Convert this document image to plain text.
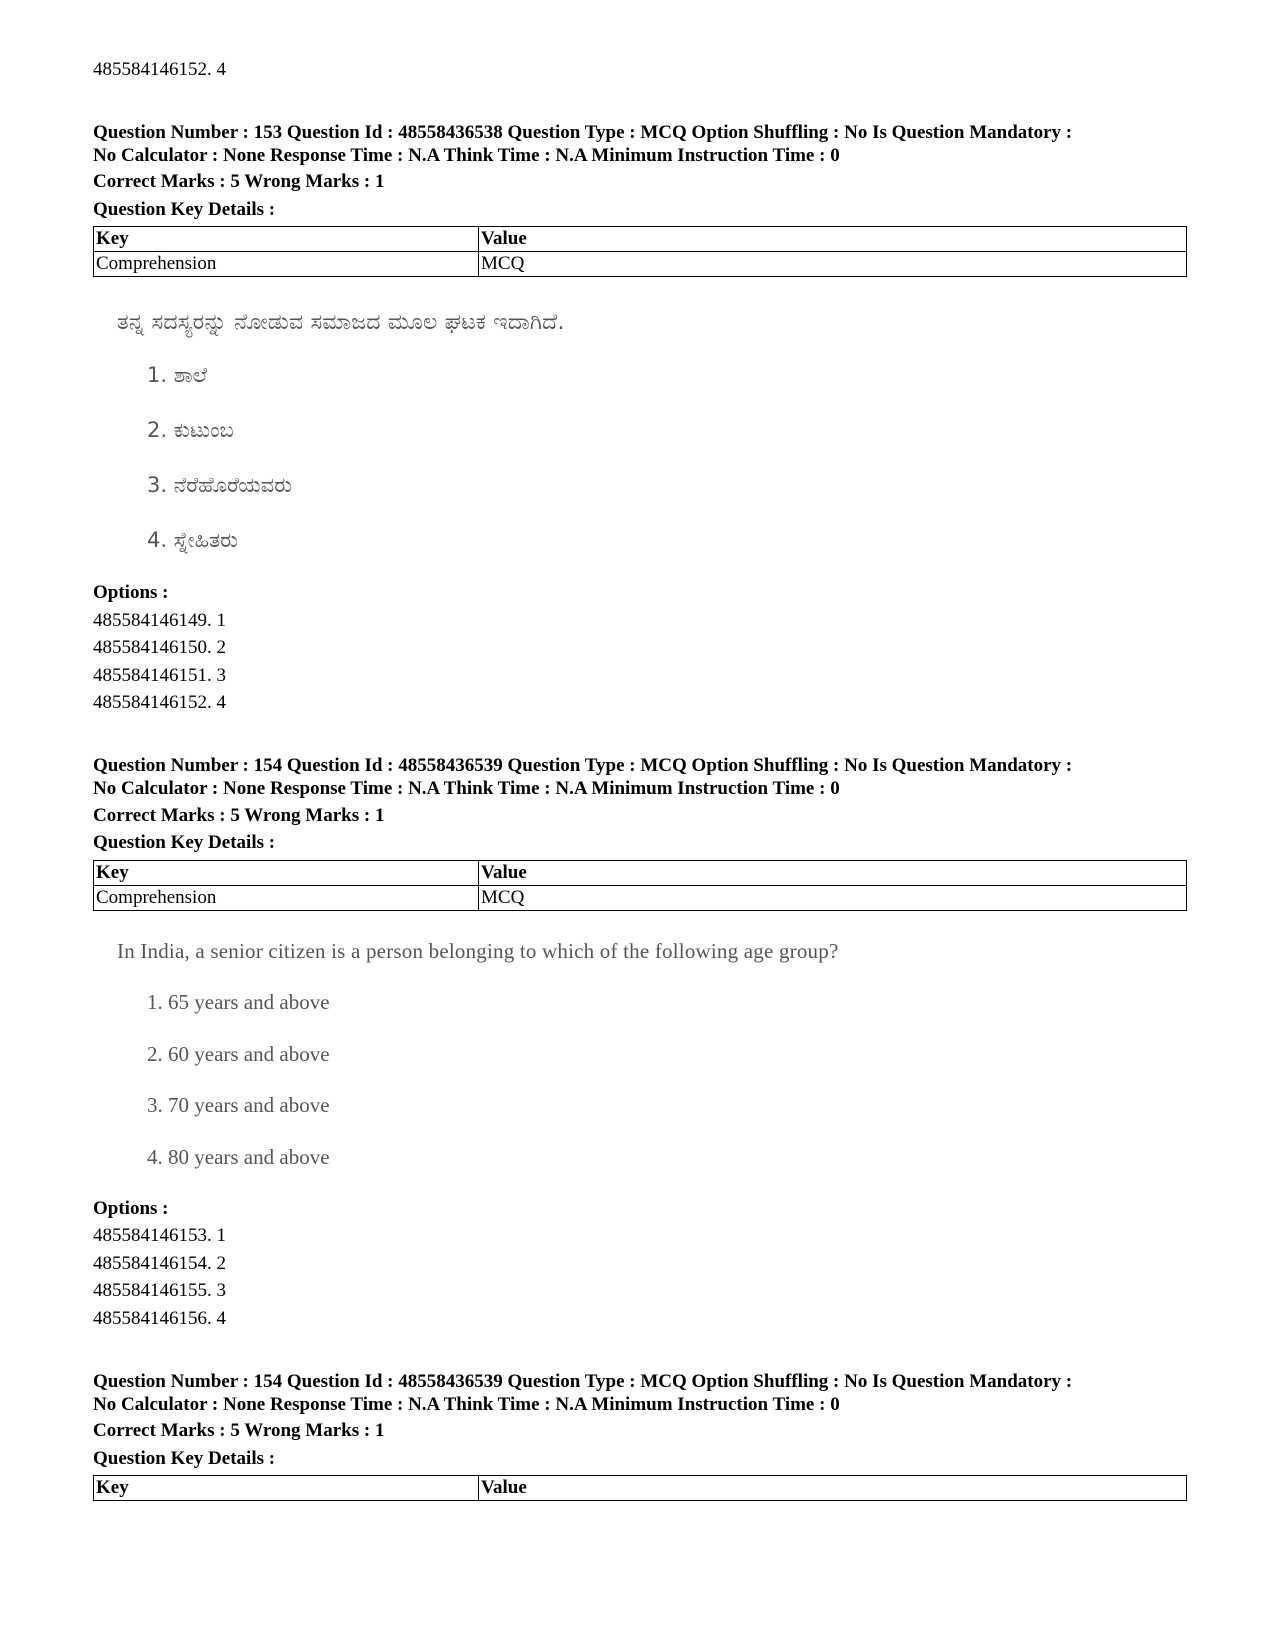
485584146152. 4
Question Number : 153 Question Id : 48558436538 Question Type : MCQ Option Shuffling : No Is Question Mandatory :
No Calculator : None Response Time : N.A Think Time : N.A Minimum Instruction Time : 0
Correct Marks : 5 Wrong Marks : 1
Question Key Details :
Key	Value
Comprehension	MCQ
ತನ್ನ ಸದಸ್ಯರನ್ನು ನೋಡುವ ಸಮಾಜದ ಮೂಲ ಘಟಕ ಇದಾಗಿದೆ.
1. ಶಾಲೆ
2. ಕುಟುಂಬ
3. ನೆರೆಹೊರೆಯವರು
4. ಸ್ನೇಹಿತರು
Options :
485584146149. 1
485584146150. 2
485584146151. 3
485584146152. 4
Question Number : 154 Question Id : 48558436539 Question Type : MCQ Option Shuffling : No Is Question Mandatory :
No Calculator : None Response Time : N.A Think Time : N.A Minimum Instruction Time : 0
Correct Marks : 5 Wrong Marks : 1
Question Key Details :
Key	Value
Comprehension	MCQ
In India, a senior citizen is a person belonging to which of the following age group?
1. 65 years and above
2. 60 years and above
3. 70 years and above
4. 80 years and above
Options :
485584146153. 1
485584146154. 2
485584146155. 3
485584146156. 4
Question Number : 154 Question Id : 48558436539 Question Type : MCQ Option Shuffling : No Is Question Mandatory :
No Calculator : None Response Time : N.A Think Time : N.A Minimum Instruction Time : 0
Correct Marks : 5 Wrong Marks : 1
Question Key Details :
Key	Value
